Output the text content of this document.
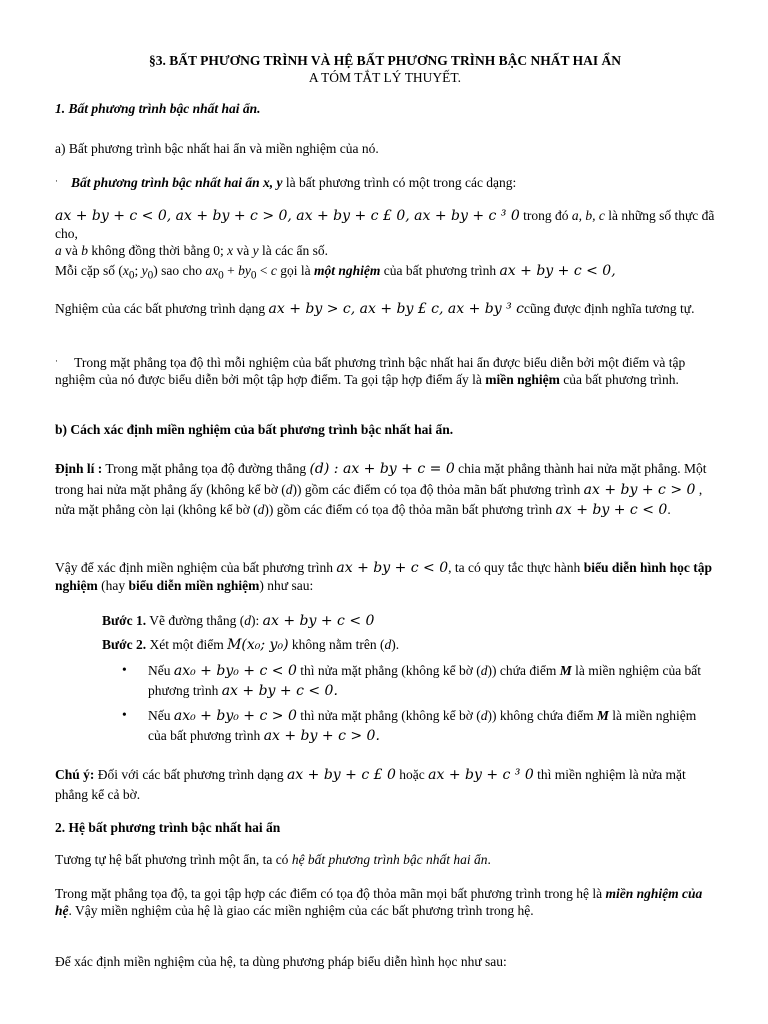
§3. BẤT PHƯƠNG TRÌNH VÀ HỆ BẤT PHƯƠNG TRÌNH BẬC NHẤT HAI ẨN

A TÓM TẮT LÝ THUYẾT.

1. Bất phương trình bậc nhất hai ẩn.

a) Bất phương trình bậc nhất hai ẩn và miền nghiệm của nó.

· Bất phương trình bậc nhất hai ẩn x, y là bất phương trình có một trong các dạng:

ax + by + c < 0, ax + by + c > 0, ax + by + c £ 0, ax + by + c ³ 0 trong đó a, b, c là những số thực đã cho,
a và b không đồng thời bằng 0; x và y là các ẩn số.

Mỗi cặp số ($x_0$; $y_0$) sao cho $ax_0 + by_0 < c$ gọi là một nghiệm của bất phương trình ax + by + c < 0,

Nghiệm của các bất phương trình dạng ax + by > c, ax + by £ c, ax + by ³ ccũng được định nghĩa tương tự.

· Trong mặt phẳng tọa độ thì mỗi nghiệm của bất phương trình bậc nhất hai ẩn được biểu diễn bởi một điểm và tập nghiệm của nó được biểu diễn bởi một tập hợp điểm. Ta gọi tập hợp điểm ấy là miền nghiệm của bất phương trình.

b) Cách xác định miền nghiệm của bất phương trình bậc nhất hai ẩn.

Định lí : Trong mặt phẳng tọa độ đường thẳng (d) : ax + by + c = 0 chia mặt phẳng thành hai nửa mặt phẳng. Một trong hai nửa mặt phẳng ấy (không kể bờ (d)) gồm các điểm có tọa độ thỏa mãn bất phương trình ax + by + c > 0 , nửa mặt phẳng còn lại (không kể bờ (d)) gồm các điểm có tọa độ thỏa mãn bất phương trình ax + by + c < 0.

Vậy để xác định miền nghiệm của bất phương trình ax + by + c < 0, ta có quy tắc thực hành biểu diễn hình học tập nghiệm (hay biểu diễn miền nghiệm) như sau:

Bước 1. Vẽ đường thẳng (d): ax + by + c < 0

Bước 2. Xét một điểm M(x₀; y₀) không nằm trên (d).

• Nếu ax₀ + by₀ + c < 0 thì nửa mặt phẳng (không kể bờ (d)) chứa điểm M là miền nghiệm của bất phương trình ax + by + c < 0.

• Nếu ax₀ + by₀ + c > 0 thì nửa mặt phẳng (không kể bờ (d)) không chứa điểm M là miền nghiệm của bất phương trình ax + by + c > 0.

Chú ý: Đối với các bất phương trình dạng ax + by + c £ 0 hoặc ax + by + c ³ 0 thì miền nghiệm là nửa mặt phẳng kể cả bờ.

2. Hệ bất phương trình bậc nhất hai ẩn

Tương tự hệ bất phương trình một ẩn, ta có hệ bất phương trình bậc nhất hai ẩn.

Trong mặt phẳng tọa độ, ta gọi tập hợp các điểm có tọa độ thỏa mãn mọi bất phương trình trong hệ là miền nghiệm của hệ. Vậy miền nghiệm của hệ là giao các miền nghiệm của các bất phương trình trong hệ.

Để xác định miền nghiệm của hệ, ta dùng phương pháp biểu diễn hình học như sau:
